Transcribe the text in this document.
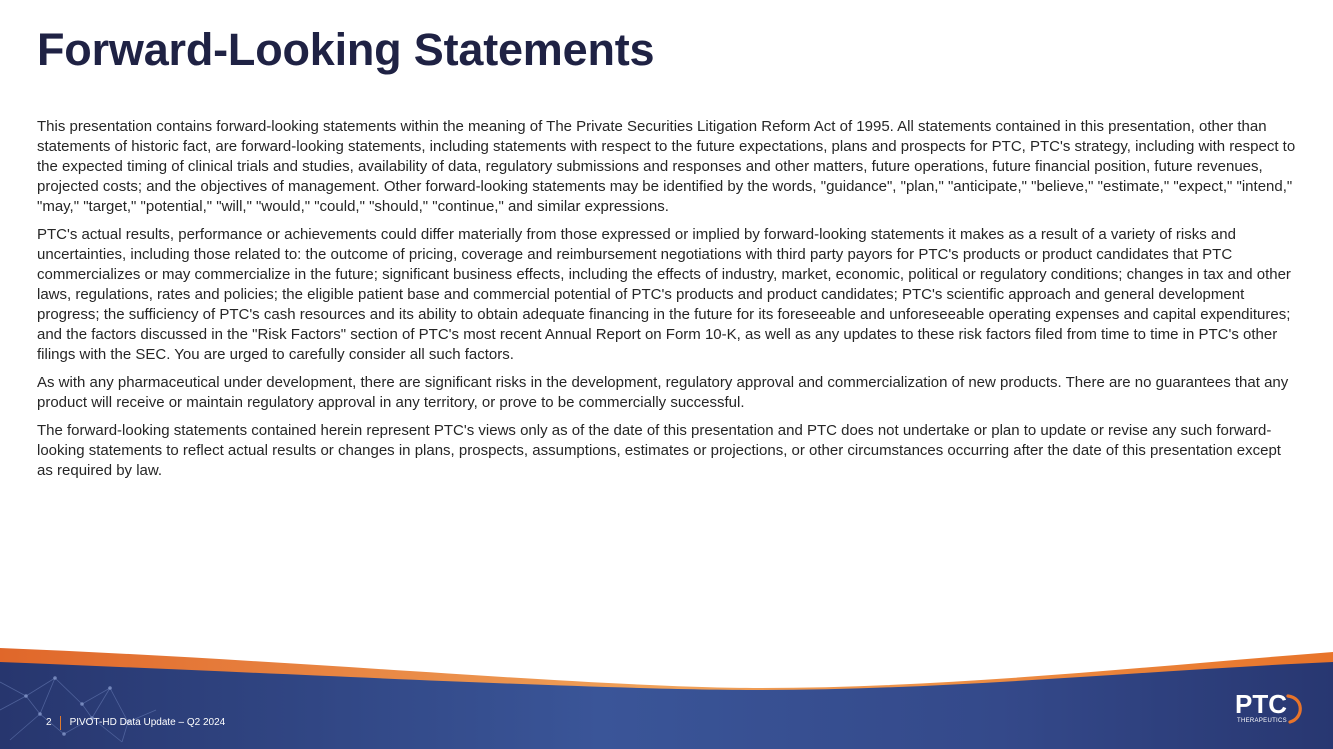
Forward-Looking Statements

This presentation contains forward-looking statements within the meaning of The Private Securities Litigation Reform Act of 1995. All statements contained in this presentation, other than statements of historic fact, are forward-looking statements, including statements with respect to the future expectations, plans and prospects for PTC, PTC's strategy, including with respect to the expected timing of clinical trials and studies, availability of data, regulatory submissions and responses and other matters, future operations, future financial position, future revenues, projected costs; and the objectives of management. Other forward-looking statements may be identified by the words, "guidance", "plan," "anticipate," "believe," "estimate," "expect," "intend," "may," "target," "potential," "will," "would," "could," "should," "continue," and similar expressions.

PTC's actual results, performance or achievements could differ materially from those expressed or implied by forward-looking statements it makes as a result of a variety of risks and uncertainties, including those related to: the outcome of pricing, coverage and reimbursement negotiations with third party payors for PTC's products or product candidates that PTC commercializes or may commercialize in the future; significant business effects, including the effects of industry, market, economic, political or regulatory conditions; changes in tax and other laws, regulations, rates and policies; the eligible patient base and commercial potential of PTC's products and product candidates; PTC's scientific approach and general development progress; the sufficiency of PTC's cash resources and its ability to obtain adequate financing in the future for its foreseeable and unforeseeable operating expenses and capital expenditures; and the factors discussed in the "Risk Factors" section of PTC's most recent Annual Report on Form 10-K, as well as any updates to these risk factors filed from time to time in PTC's other filings with the SEC. You are urged to carefully consider all such factors.

As with any pharmaceutical under development, there are significant risks in the development, regulatory approval and commercialization of new products. There are no guarantees that any product will receive or maintain regulatory approval in any territory, or prove to be commercially successful.

The forward-looking statements contained herein represent PTC's views only as of the date of this presentation and PTC does not undertake or plan to update or revise any such forward-looking statements to reflect actual results or changes in plans, prospects, assumptions, estimates or projections, or other circumstances occurring after the date of this presentation except as required by law.

2 PIVOT-HD Data Update – Q2 2024
PTC
THERAPEUTICS
